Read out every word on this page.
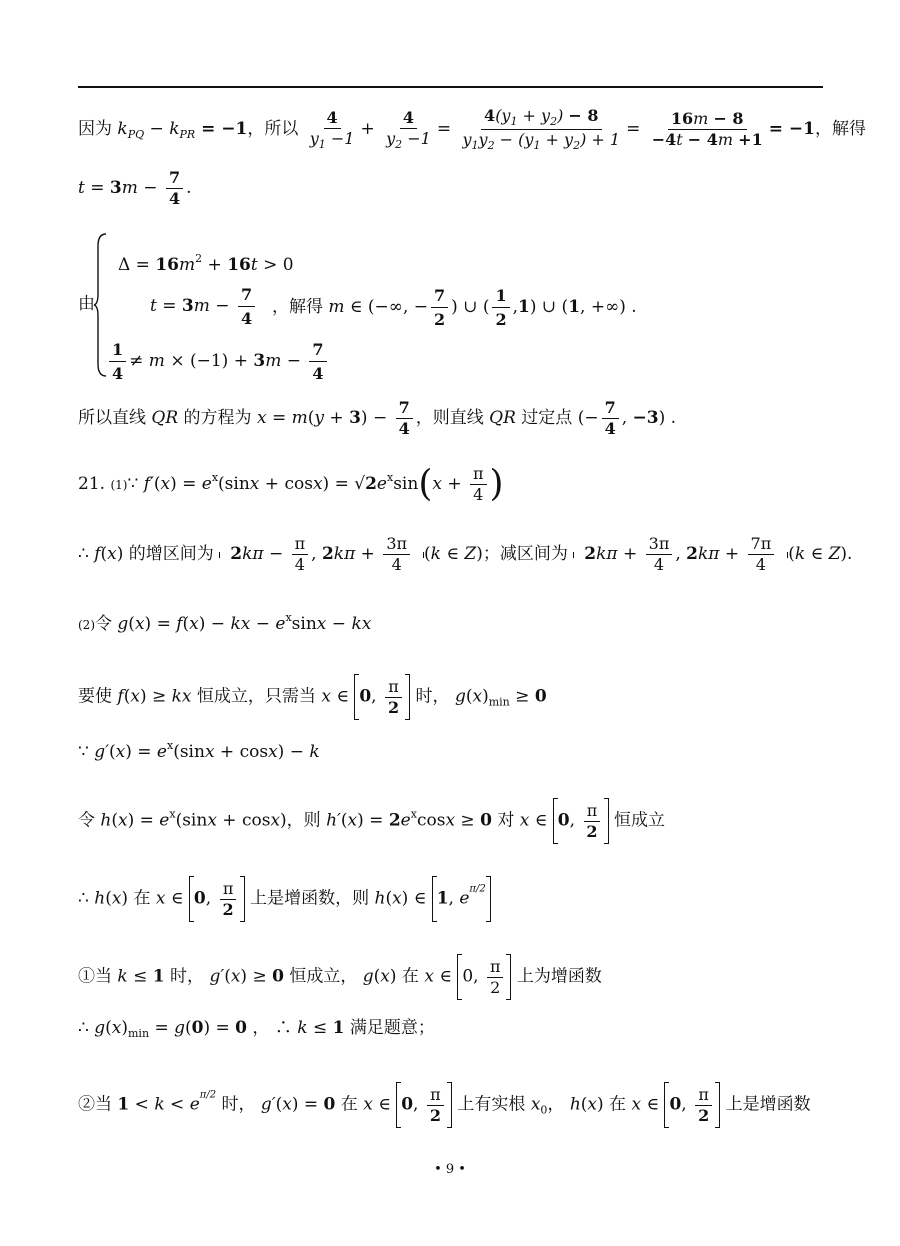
因为 $k_{PQ} - k_{PR} = -1$，所以 $\frac{4}{y_1 -1} + \frac{4}{y_2 -1} = \frac{4(y_1 + y_2) - 8}{y_1y_2 - (y_1 + y_2) + 1} = \frac{16m - 8}{-4t - 4m +1} = -1$，解得
$t = 3m - \frac{7}{4}$ .
由
$\Delta = 16m^2 + 16t > 0$
$t = 3m - \frac{7}{4}$
$\frac{1}{4} \ne m \times (-1) + 3m - \frac{7}{4}$
，解得 m ∈ (−∞, − $\frac{7}{2}$ ) ∪ ( $\frac{1}{2} ,1$) ∪ (1, +∞) .
所以直线 QR 的方程为 $x = m(y + 3) - \frac{7}{4}$ ，则直线 QR 过定点 (− $\frac{7}{4}$ , −3) .
21. (1)∵ $f'(x) = e^x(\sin x + \cos x) = √2e^x\sin(x + \frac{\pi}{4}$ )
∴ f(x) 的增区间为 $2k\pi - \frac{\pi}{4}$ , $2k\pi + \frac{3\pi}{4} (k$ ∈ Z)；减区间为 $2k\pi + \frac{3\pi}{4}$ , $2k\pi + \frac{7\pi}{4} (k$ ∈ Z).
(2)令 g(x) = f(x) − kx − $e^x\sin x$ − kx
要使 f(x) ≥ kx 恒成立，只需当 x ∈ 0, $\frac{\pi}{2}$ 时， $g(x)_{min} \ge 0$
∵ $g'(x) = e^x(\sin x + \cos x) - k$
令 $h(x) = e^x(\sin x + \cos x)$，则 $h'(x) = 2e^x\cos x \ge 0$ 对 x ∈ 0, $\frac{\pi}{2}$ 恒成立
∴ h(x) 在 x ∈ 0, $\frac{\pi}{2}$ 上是增函数，则 h(x) ∈ 1, $e^{\pi/2}$
①当 k ≤ 1 时， g′(x) ≥ 0 恒成立， g(x) 在 x ∈ 0, $\frac{\pi}{2}$ 上为增函数
∴ $g(x)_{min} = g(0) = 0$ ， ∴ k ≤ 1 满足题意；
②当 $1 < k < e^{\pi/2}$ 时， g′(x) = 0 在 x ∈ 0, $\frac{\pi}{2}$ 上有实根 $x_0$， h(x) 在 x ∈ 0, $\frac{\pi}{2}$ 上是增函数
• 9 •
